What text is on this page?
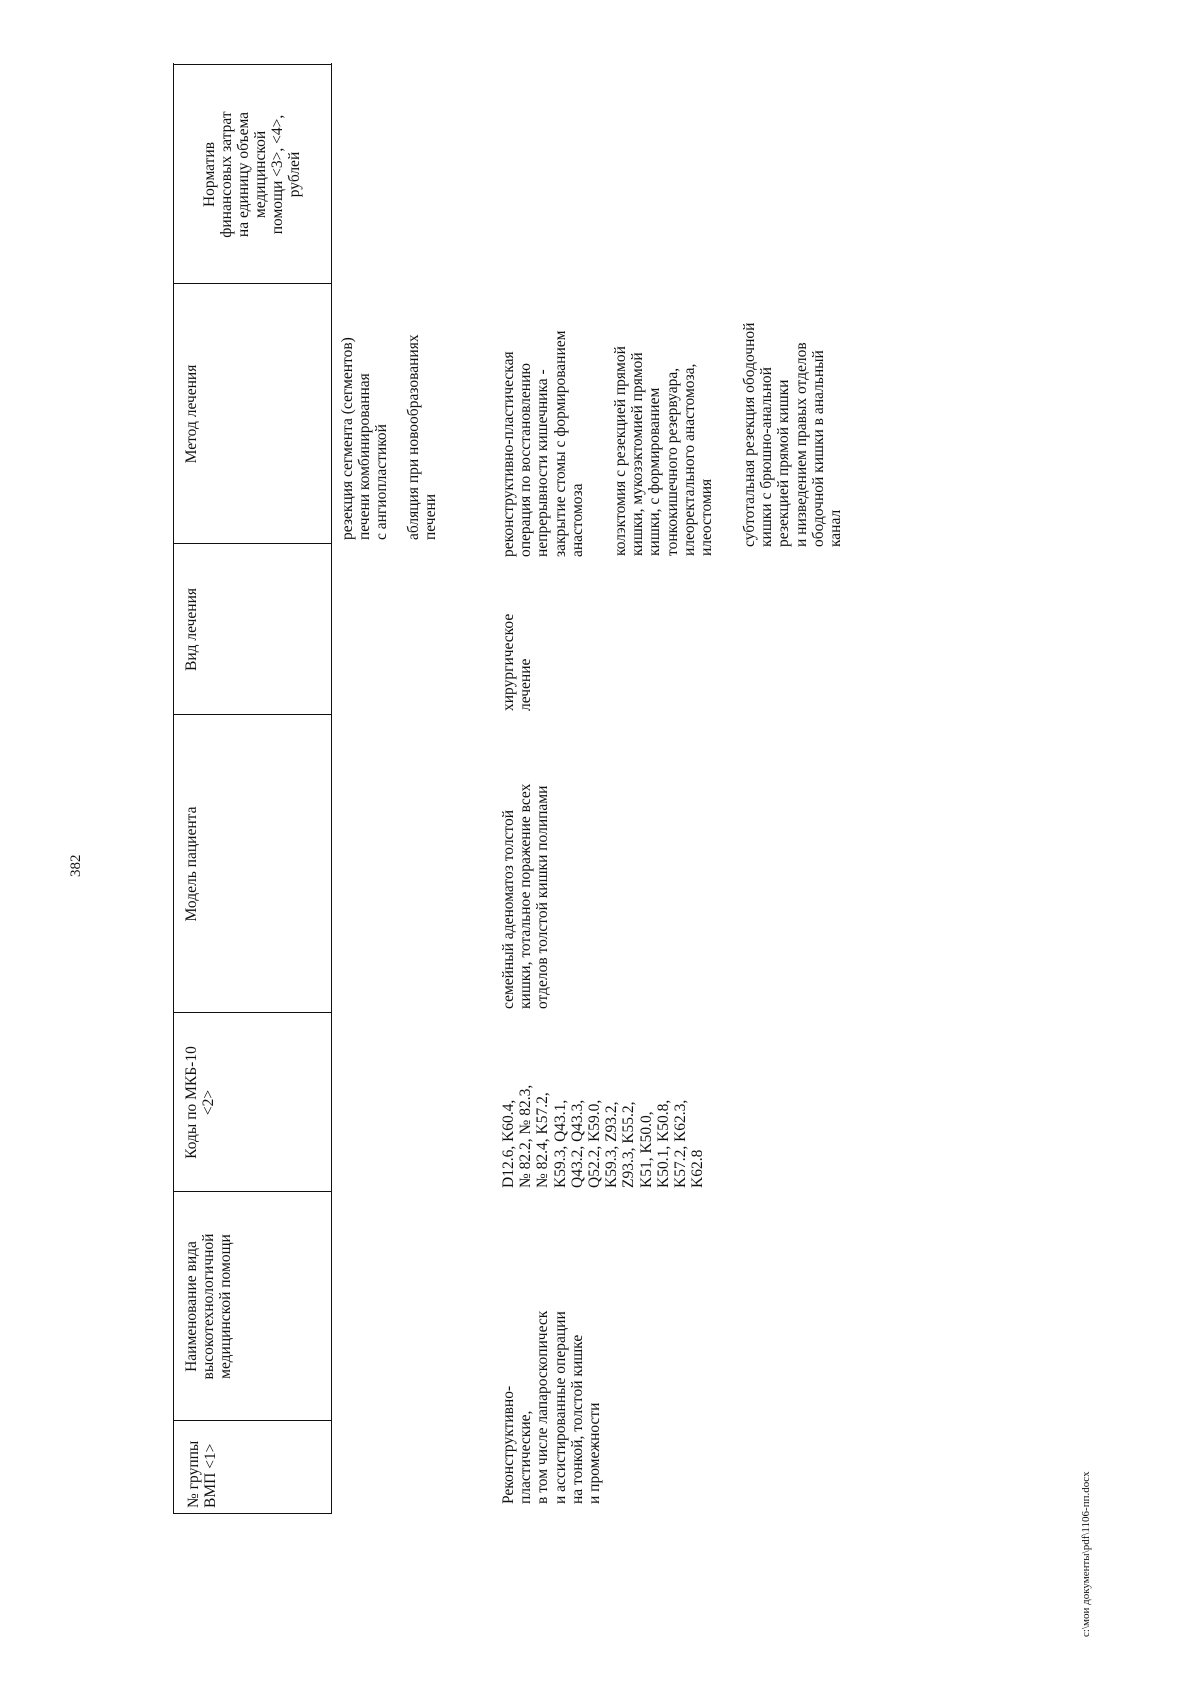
382
№ группы
ВМП <1>
Наименование вида
высокотехнологичной
медицинской помощи
Коды по МКБ-10
<2>
Модель пациента
Вид лечения
Метод лечения
Норматив
финансовых затрат
на единицу объема
медицинской
помощи <3>, <4>,
рублей
резекция сегмента (сегментов)
печени комбинированная
с ангиопластикой абляция при новообразованиях
печени
Реконструктивно-
пластические,
в том числе лапароскопическ
и ассистированные операции
на тонкой, толстой кишке
и промежности
D12.6, K60.4,
№ 82.2, № 82.3,
№ 82.4, K57.2,
K59.3, Q43.1,
Q43.2, Q43.3,
Q52.2, K59.0,
K59.3, Z93.2,
Z93.3, K55.2,
K51, K50.0,
K50.1, K50.8,
K57.2, K62.3,
K62.8
семейный аденоматоз толстой
кишки, тотальное поражение всех
отделов толстой кишки полипами
хирургическое
лечение
реконструктивно-пластическая
операция по восстановлению
непрерывности кишечника -
закрытие стомы с формированием
анастомоза колэктомия с резекцией прямой
кишки, мукозэктомией прямой
кишки, с формированием
тонкокишечного резервуара,
илеоректального анастомоза,
илеостомия субтотальная резекция ободочной
кишки с брюшно-анальной
резекцией прямой кишки
и низведением правых отделов
ободочной кишки в анальный
канал
c:\мои документы\pdf\1106-пп.docx
